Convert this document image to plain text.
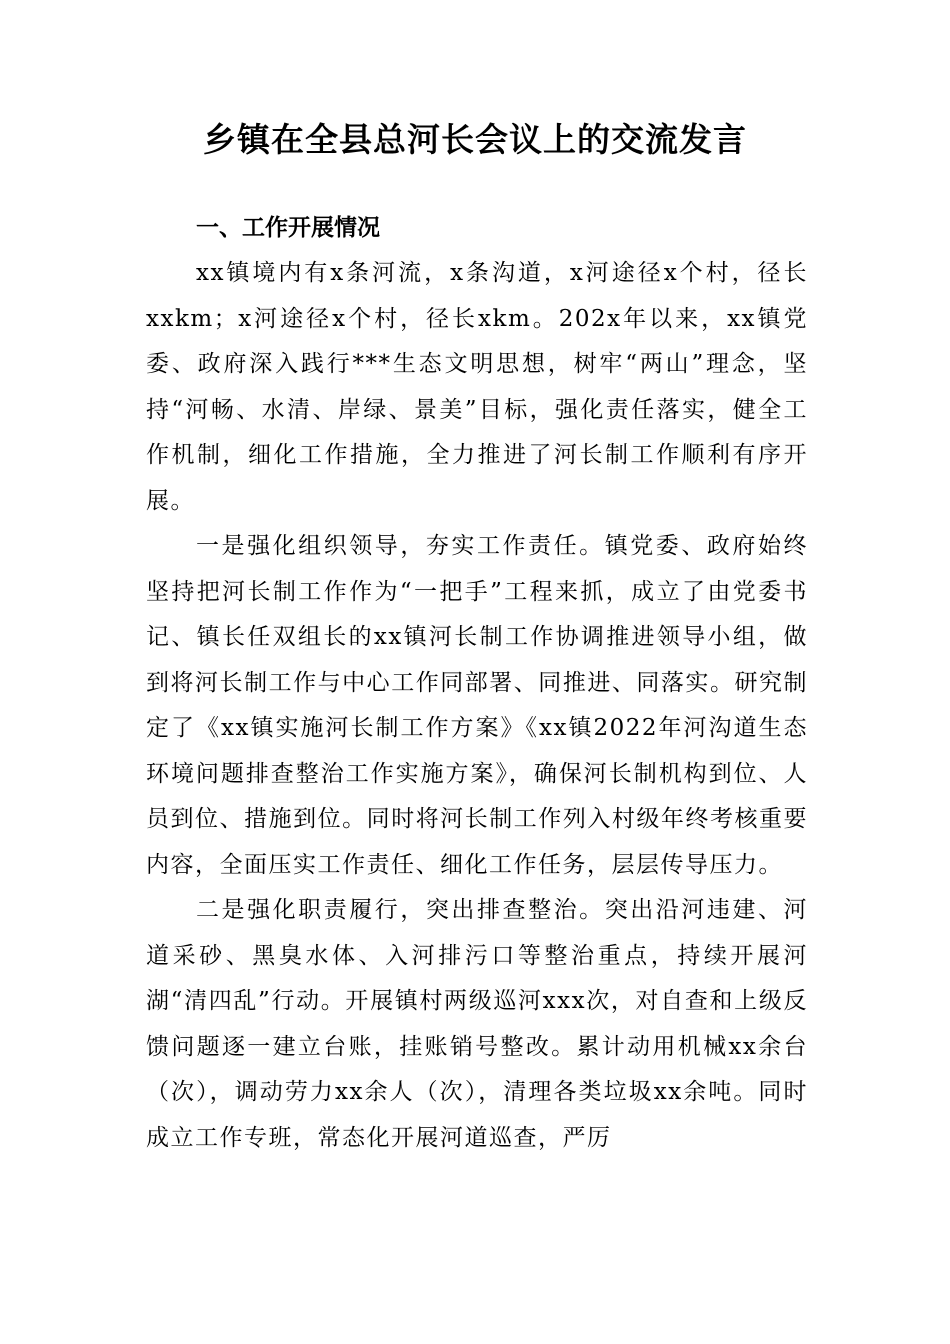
乡镇在全县总河长会议上的交流发言

一、工作开展情况

xx镇境内有x条河流，x条沟道，x河途径x个村，径长xxkm；x河途径x个村，径长xkm。202x年以来，xx镇党委、政府深入践行***生态文明思想，树牢“两山”理念，坚持“河畅、水清、岸绿、景美”目标，强化责任落实，健全工作机制，细化工作措施，全力推进了河长制工作顺利有序开展。

一是强化组织领导，夯实工作责任。镇党委、政府始终坚持把河长制工作作为“一把手”工程来抓，成立了由党委书记、镇长任双组长的xx镇河长制工作协调推进领导小组，做到将河长制工作与中心工作同部署、同推进、同落实。研究制定了《xx镇实施河长制工作方案》《xx镇2022年河沟道生态环境问题排查整治工作实施方案》，确保河长制机构到位、人员到位、措施到位。同时将河长制工作列入村级年终考核重要内容，全面压实工作责任、细化工作任务，层层传导压力。

二是强化职责履行，突出排查整治。突出沿河违建、河道采砂、黑臭水体、入河排污口等整治重点，持续开展河湖“清四乱”行动。开展镇村两级巡河xxx次，对自查和上级反馈问题逐一建立台账，挂账销号整改。累计动用机械xx余台（次），调动劳力xx余人（次），清理各类垃圾xx余吨。同时成立工作专班，常态化开展河道巡查，严厉
